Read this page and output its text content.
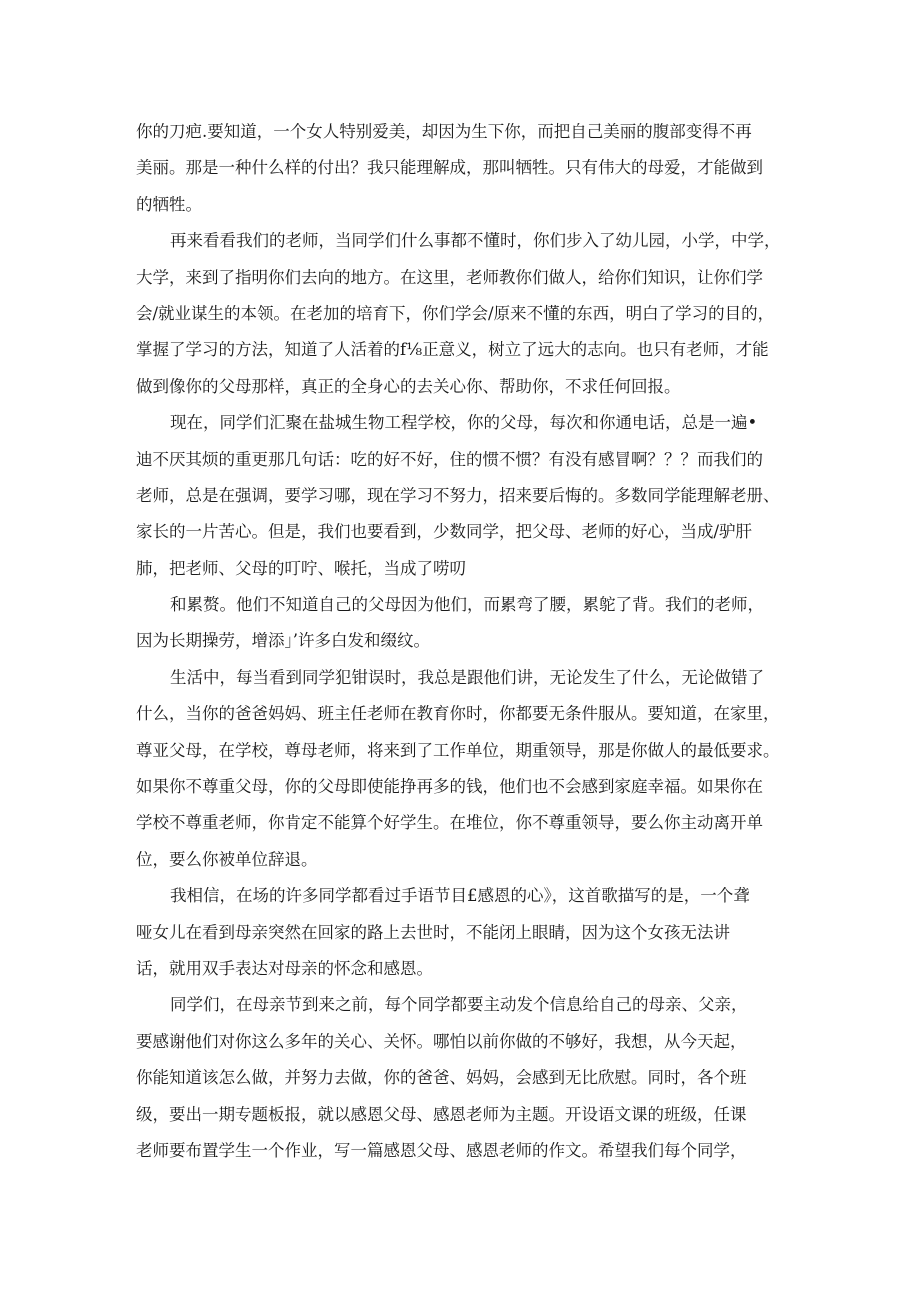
你的刀疤.要知道，一个女人特别爱美，却因为生下你，而把自己美丽的腹部变得不再
美丽。那是一种什么样的付出？我只能理解成，那叫牺牲。只有伟大的母爱，才能做到
的牺牲。
再来看看我们的老师，当同学们什么事都不懂时，你们步入了幼儿园，小学，中学，
大学，来到了指明你们去向的地方。在这里，老师教你们做人，给你们知识，让你们学
会/就业谋生的本领。在老加的培育下，你们学会/原来不懂的东西，明白了学习的目的，
掌握了学习的方法，知道了人活着的f⅛正意义，树立了远大的志向。也只有老师，才能
做到像你的父母那样，真正的全身心的去关心你、帮助你，不求任何回报。
现在，同学们汇聚在盐城生物工程学校，你的父母，每次和你通电话，总是一遍•
迪不厌其烦的重更那几句话：吃的好不好，住的惯不惯？有没有感冒啊？？？而我们的
老师，总是在强调，要学习哪，现在学习不努力，招来要后悔的。多数同学能理解老册、
家长的一片苦心。但是，我们也要看到，少数同学，把父母、老师的好心，当成/驴肝
肺，把老师、父母的叮咛、喉托，当成了唠叨
和累赘。他们不知道自己的父母因为他们，而累弯了腰，累鸵了背。我们的老师，
因为长期操劳，增添」’许多白发和缀纹。
生活中，每当看到同学犯钳误时，我总是跟他们讲，无论发生了什么，无论做错了
什么，当你的爸爸妈妈、班主任老师在教育你时，你都要无条件服从。要知道，在家里，
尊亚父母，在学校，尊母老师，将来到了工作单位，期重领导，那是你做人的最低要求。
如果你不尊重父母，你的父母即使能挣再多的钱，他们也不会感到家庭幸福。如果你在
学校不尊重老师，你肯定不能算个好学生。在堆位，你不尊重领导，要么你主动离开单
位，要么你被单位辞退。
我相信，在场的许多同学都看过手语节目£感恩的心》，这首歌描写的是，一个聋
哑女儿在看到母亲突然在回家的路上去世时，不能闭上眼睛，因为这个女孩无法讲
话，就用双手表达对母亲的怀念和感恩。
同学们，在母亲节到来之前，每个同学都要主动发个信息给自己的母亲、父亲，
要感谢他们对你这么多年的关心、关怀。哪怕以前你做的不够好，我想，从今天起，
你能知道该怎么做，并努力去做，你的爸爸、妈妈，会感到无比欣慰。同时，各个班
级，要出一期专题板报，就以感恩父母、感恩老师为主题。开设语文课的班级，任课
老师要布置学生一个作业，写一篇感恩父母、感恩老师的作文。希望我们每个同学，
